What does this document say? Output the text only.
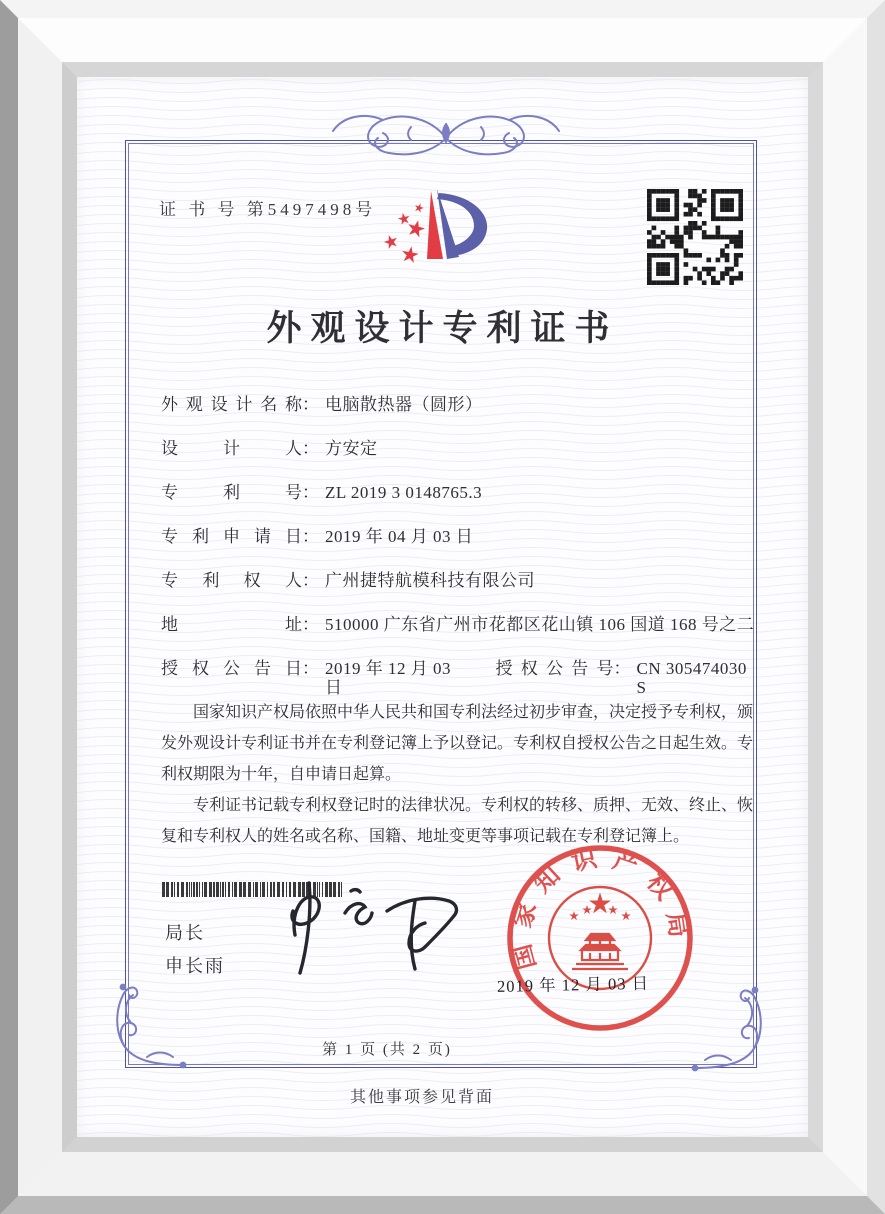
证 书 号 第5497498号
外观设计专利证书
外观设计名称 ： 电脑散热器（圆形）
设计人 ： 方安定
专利号 ： ZL 2019 3 0148765.3
专利申请日 ： 2019 年 04 月 03 日
专利权人 ： 广州捷特航模科技有限公司
地址 ： 510000 广东省广州市花都区花山镇 106 国道 168 号之二
授权公告日 ： 2019 年 12 月 03 日
授权公告号 ： CN 305474030 S

国家知识产权局依照中华人民共和国专利法经过初步审查，决定授予专利权，颁发外观设计专利证书并在专利登记簿上予以登记。专利权自授权公告之日起生效。专利权期限为十年，自申请日起算。

专利证书记载专利权登记时的法律状况。专利权的转移、质押、无效、终止、恢复和专利权人的姓名或名称、国籍、地址变更等事项记载在专利登记簿上。

局长
申长雨	国家知识产权局
2019 年 12 月 03 日
第 1 页 (共 2 页)
其他事项参见背面
